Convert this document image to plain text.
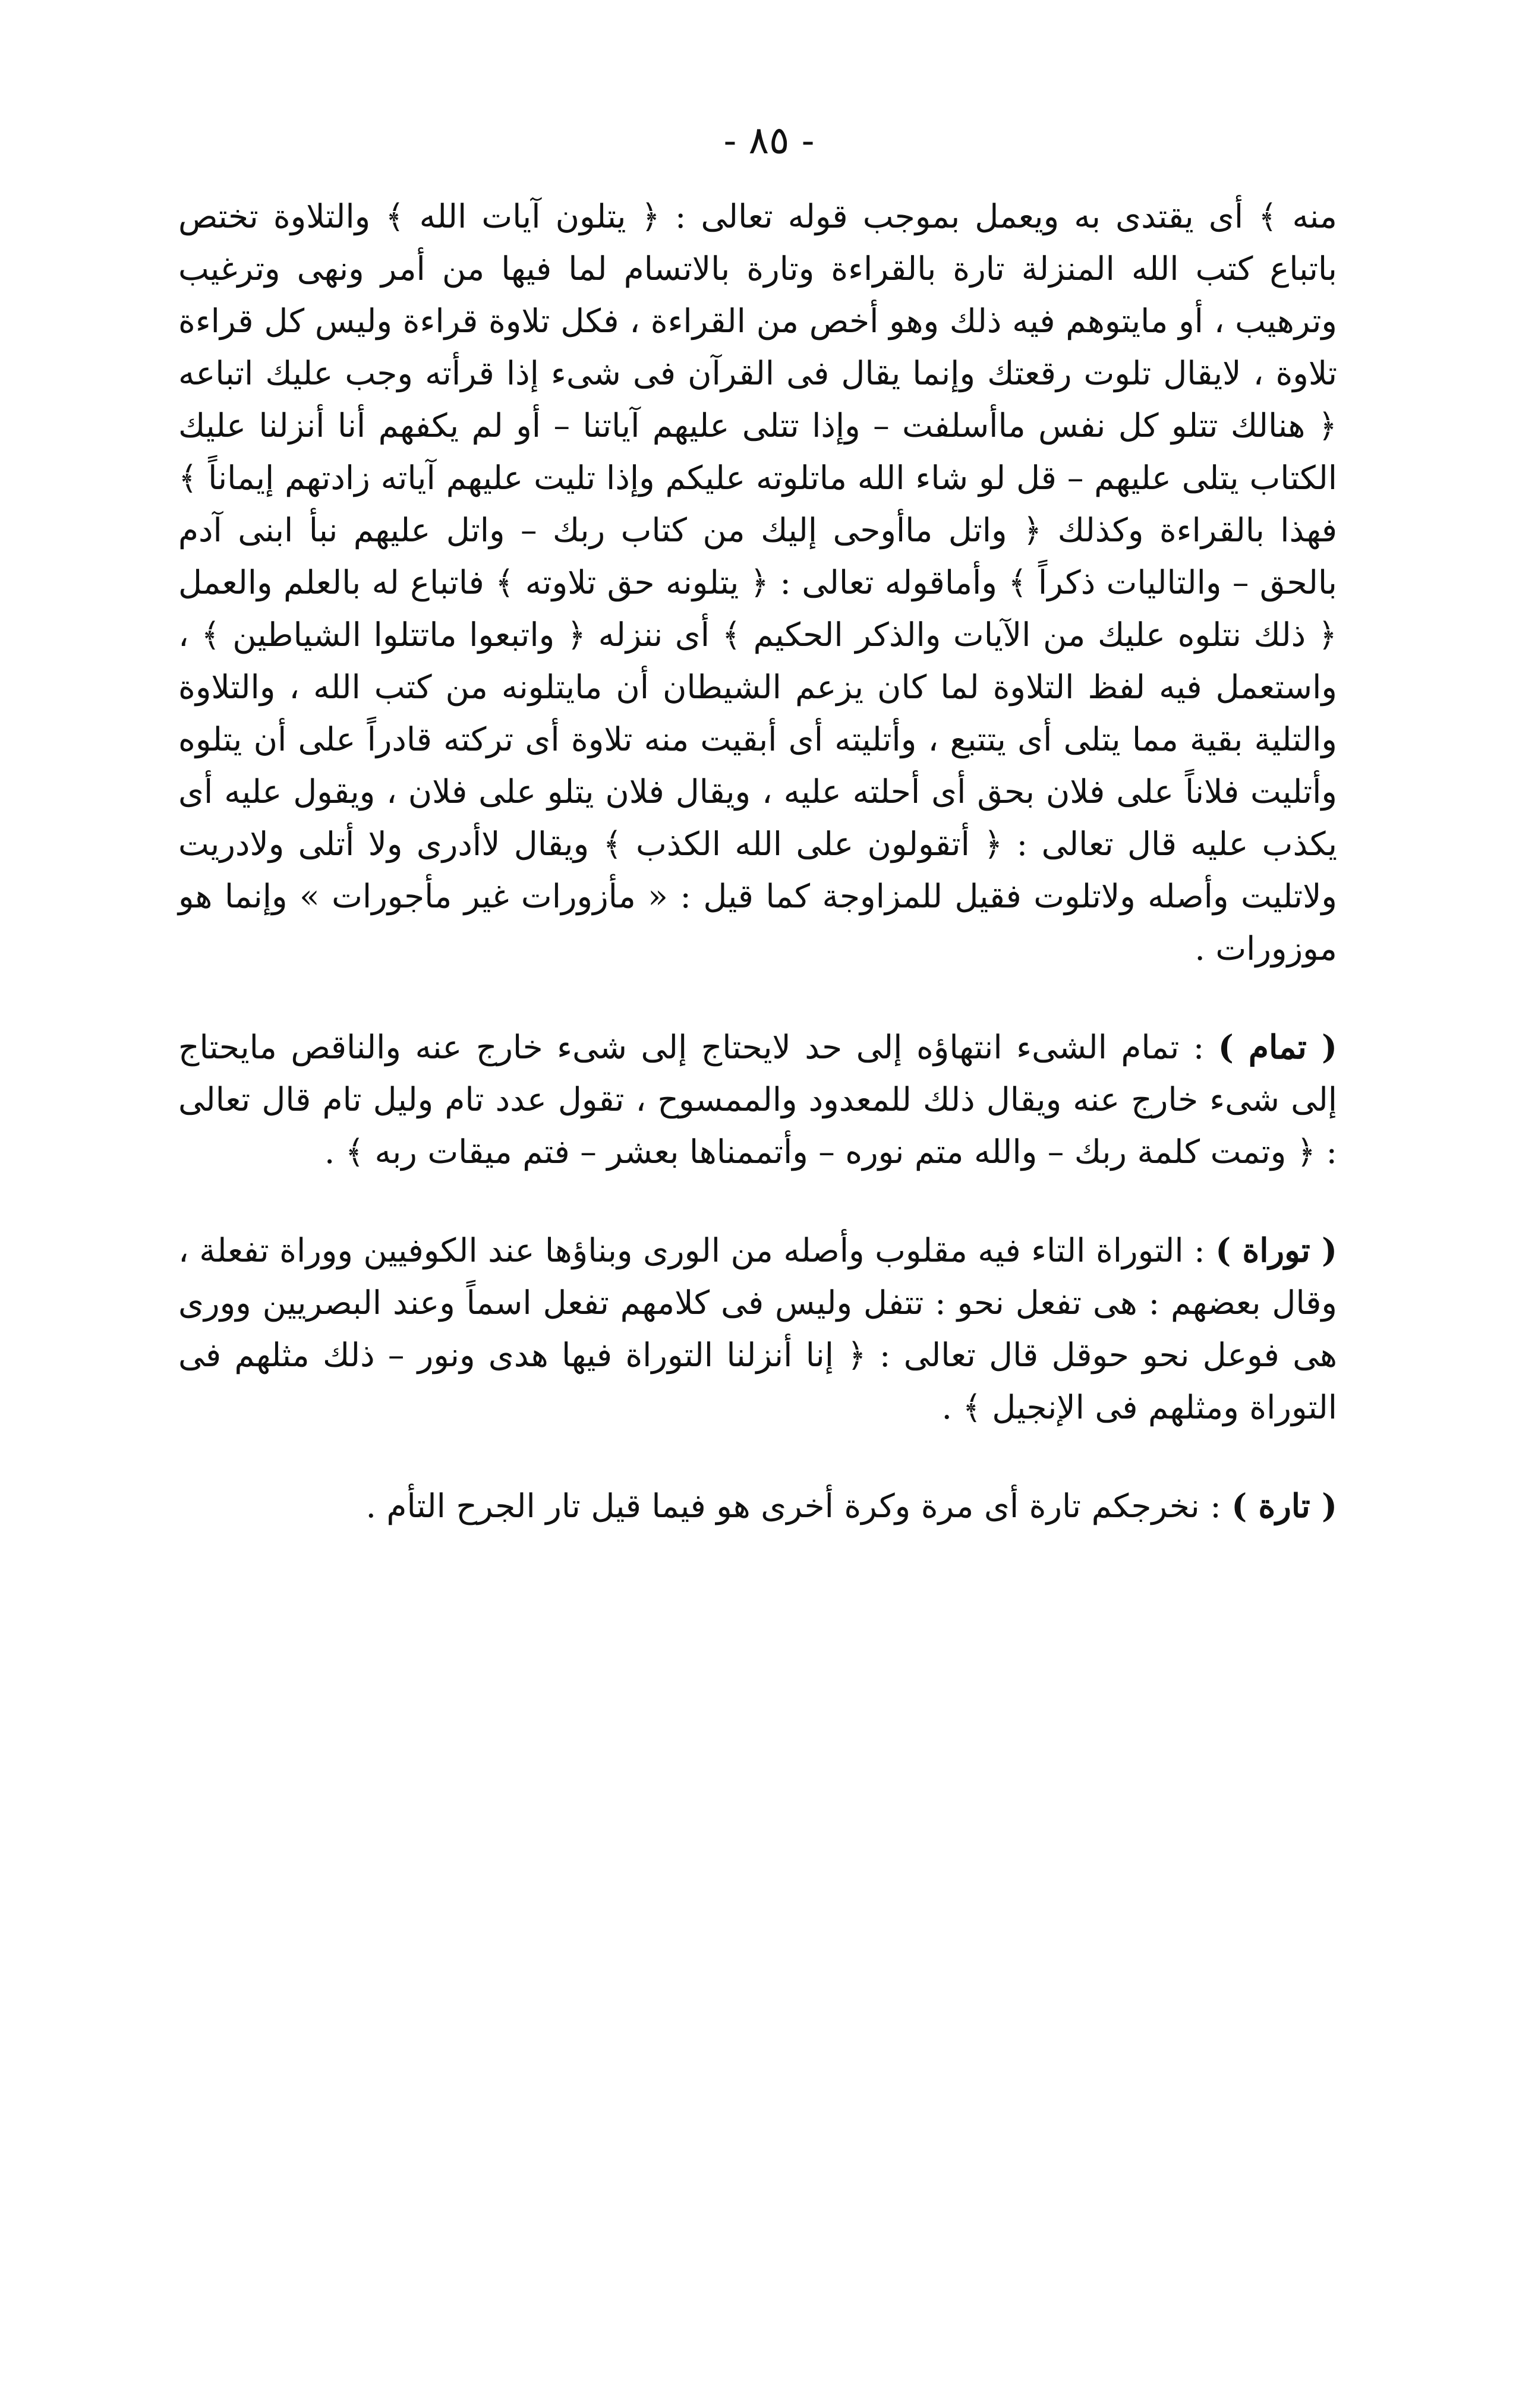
- ٨٥ -

منه ﴾ أى يقتدى به ويعمل بموجب قوله تعالى : ﴿ يتلون آيات الله ﴾ والتلاوة تختص باتباع كتب الله المنزلة تارة بالقراءة وتارة بالاتسام لما فيها من أمر ونهى وترغيب وترهيب ، أو مايتوهم فيه ذلك وهو أخص من القراءة ، فكل تلاوة قراءة وليس كل قراءة تلاوة ، لايقال تلوت رقعتك وإنما يقال فى القرآن فى شىء إذا قرأته وجب عليك اتباعه ﴿ هنالك تتلو كل نفس ماأسلفت – وإذا تتلى عليهم آياتنا – أو لم يكفهم أنا أنزلنا عليك الكتاب يتلى عليهم – قل لو شاء الله ماتلوته عليكم وإذا تليت عليهم آياته زادتهم إيماناً ﴾ فهذا بالقراءة وكذلك ﴿ واتل ماأوحى إليك من كتاب ربك – واتل عليهم نبأ ابنى آدم بالحق – والتاليات ذكراً ﴾ وأماقوله تعالى : ﴿ يتلونه حق تلاوته ﴾ فاتباع له بالعلم والعمل ﴿ ذلك نتلوه عليك من الآيات والذكر الحكيم ﴾ أى ننزله ﴿ واتبعوا ماتتلوا الشياطين ﴾ ، واستعمل فيه لفظ التلاوة لما كان يزعم الشيطان أن مايتلونه من كتب الله ، والتلاوة والتلية بقية مما يتلى أى يتتبع ، وأتليته أى أبقيت منه تلاوة أى تركته قادراً على أن يتلوه وأتليت فلاناً على فلان بحق أى أحلته عليه ، ويقال فلان يتلو على فلان ، ويقول عليه أى يكذب عليه قال تعالى : ﴿ أتقولون على الله الكذب ﴾ ويقال لاأدرى ولا أتلى ولادريت ولاتليت وأصله ولاتلوت فقيل للمزاوجة كما قيل : « مأزورات غير مأجورات » وإنما هو موزورات .

( تمام ) : تمام الشىء انتهاؤه إلى حد لايحتاج إلى شىء خارج عنه والناقص مايحتاج إلى شىء خارج عنه ويقال ذلك للمعدود والممسوح ، تقول عدد تام وليل تام قال تعالى : ﴿ وتمت كلمة ربك – والله متم نوره – وأتممناها بعشر – فتم ميقات ربه ﴾ .

( توراة ) : التوراة التاء فيه مقلوب وأصله من الورى وبناؤها عند الكوفيين ووراة تفعلة ، وقال بعضهم : هى تفعل نحو : تتفل وليس فى كلامهم تفعل اسماً وعند البصريين وورى هى فوعل نحو حوقل قال تعالى : ﴿ إنا أنزلنا التوراة فيها هدى ونور – ذلك مثلهم فى التوراة ومثلهم فى الإنجيل ﴾ .

( تارة ) : نخرجكم تارة أى مرة وكرة أخرى هو فيما قيل تار الجرح التأم .
